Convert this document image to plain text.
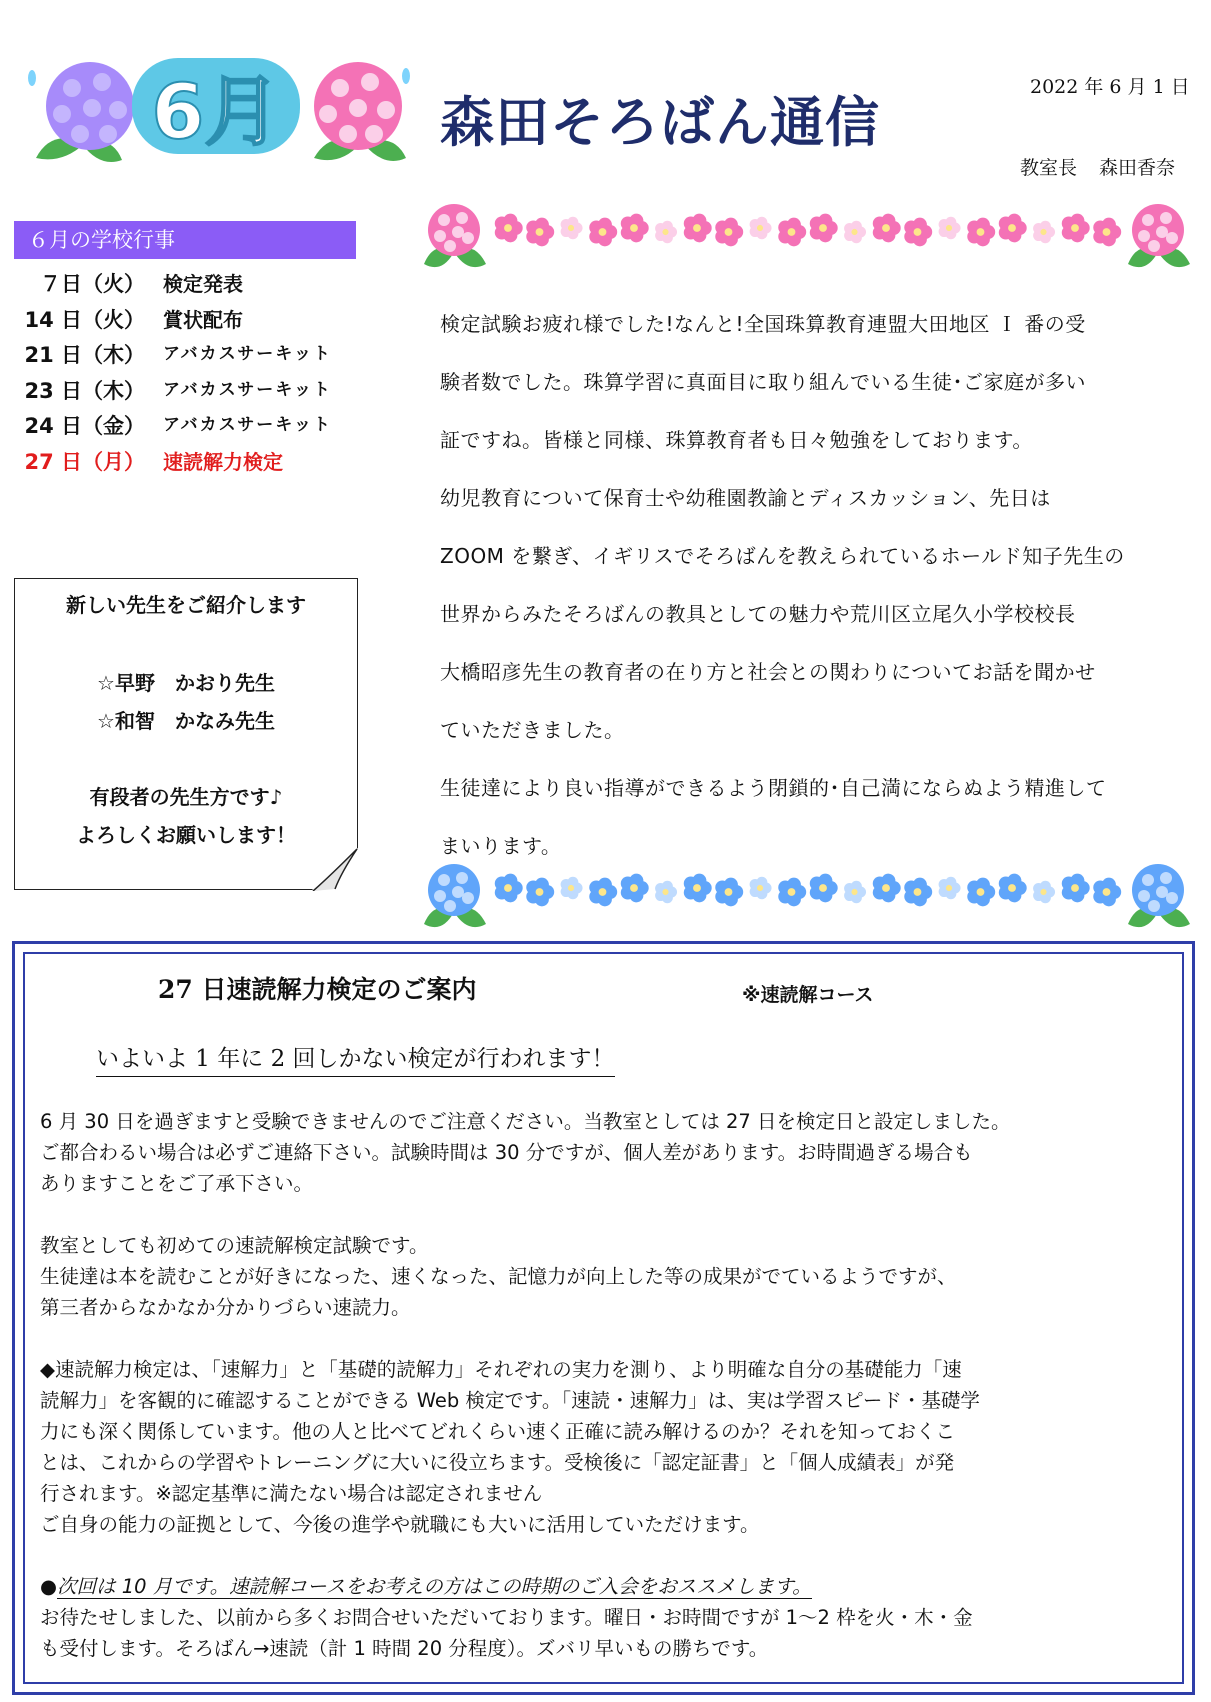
6月	森田そろばん通信
2022 年 6 月 1 日
教室長 森田香奈
６月の学校行事
７日（火） 検定発表
14 日（火） 賞状配布
21 日（木）	アバカスサーキット
23 日（木）	アバカスサーキット
24 日（金）	アバカスサーキット
27 日（月） 速読解力検定
新しい先生をご紹介します
☆早野　かおり先生
☆和智　かなみ先生
有段者の先生方です♪
よろしくお願いします！
検定試験お疲れ様でした!なんと!全国珠算教育連盟大田地区 Ｉ 番の受
験者数でした。珠算学習に真面目に取り組んでいる生徒･ご家庭が多い
証ですね。皆様と同様、珠算教育者も日々勉強をしております。
幼児教育について保育士や幼稚園教諭とディスカッション、先日は
ZOOM を繋ぎ、イギリスでそろばんを教えられているホールド知子先生の
世界からみたそろばんの教具としての魅力や荒川区立尾久小学校校長
大橋昭彦先生の教育者の在り方と社会との関わりについてお話を聞かせ
ていただきました。
生徒達により良い指導ができるよう閉鎖的･自己満にならぬよう精進して
まいります。
27 日速読解力検定のご案内	※速読解コース
いよいよ 1 年に 2 回しかない検定が行われます！
6 月 30 日を過ぎますと受験できませんのでご注意ください。当教室としては 27 日を検定日と設定しました。
ご都合わるい場合は必ずご連絡下さい。試験時間は 30 分ですが、個人差があります。お時間過ぎる場合も
ありますことをご了承下さい。
教室としても初めての速読解検定試験です。
生徒達は本を読むことが好きになった、速くなった、記憶力が向上した等の成果がでているようですが、
第三者からなかなか分かりづらい速読力。
◆速読解力検定は、「速解力」と「基礎的読解力」それぞれの実力を測り、より明確な自分の基礎能力「速
読解力」を客観的に確認することができる Web 検定です。「速読・速解力」は、実は学習スピード・基礎学
力にも深く関係しています。他の人と比べてどれくらい速く正確に読み解けるのか？それを知っておくこ
とは、これからの学習やトレーニングに大いに役立ちます。受検後に「認定証書」と「個人成績表」が発
行されます。※認定基準に満たない場合は認定されません
ご自身の能力の証拠として、今後の進学や就職にも大いに活用していただけます。
●次回は 10 月です。速読解コースをお考えの方はこの時期のご入会をおススメします。
お待たせしました、以前から多くお問合せいただいております。曜日・お時間ですが 1～2 枠を火・木・金
も受付します。そろばん→速読（計 1 時間 20 分程度）。ズバリ早いもの勝ちです。
